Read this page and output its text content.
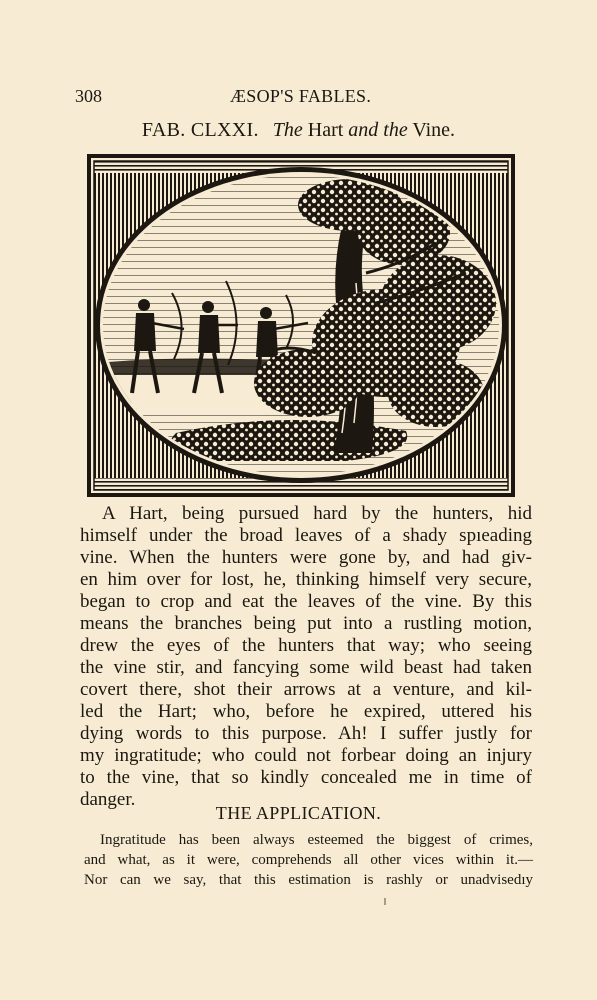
308	ÆSOP'S FABLES.
FAB. CLXXI. The Hart and the Vine.
A Hart, being pursued hard by the hunters, hid
himself under the broad leaves of a shady spıeading
vine. When the hunters were gone by, and had giv-
en him over for lost, he, thinking himself very secure,
began to crop and eat the leaves of the vine. By this
means the branches being put into a rustling motion,
drew the eyes of the hunters that way; who seeing
the vine stir, and fancying some wild beast had taken
covert there, shot their arrows at a venture, and kil-
led the Hart; who, before he expired, uttered his
dying words to this purpose. Ah! I suffer justly for
my ingratitude; who could not forbear doing an injury
to the vine, that so kindly concealed me in time of
danger.
THE APPLICATION.
Ingratitude has been always esteemed the biggest of crimes,
and what, as it were, comprehends all other vices within it.—
Nor can we say, that this estimation is rashly or unadvisedıy
